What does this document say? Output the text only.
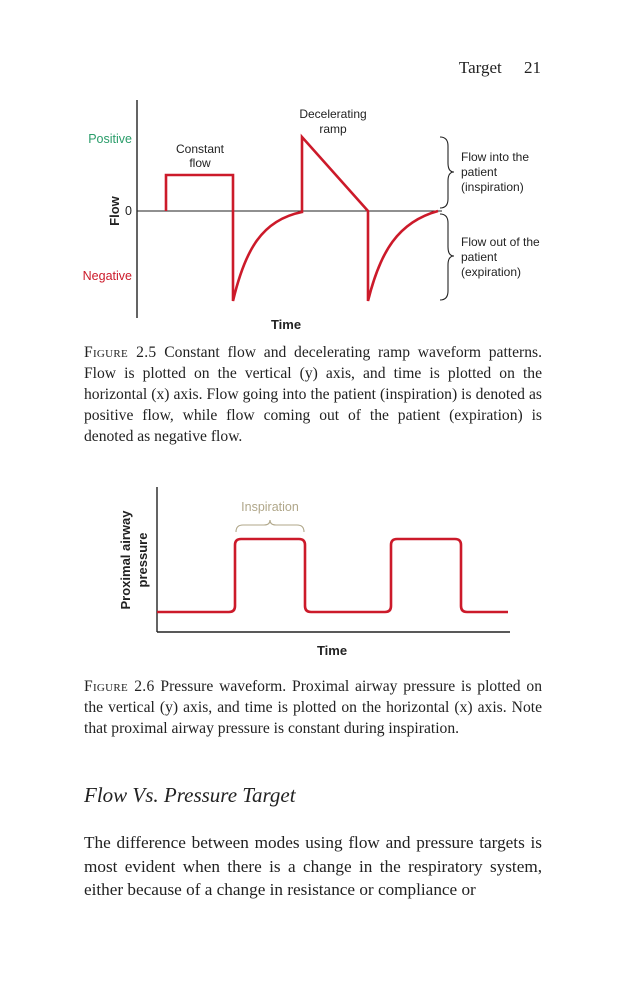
Target 21
Positive
0
Negative
Flow
Time
Constant
flow
Decelerating
ramp
Flow into the
patient
(inspiration)
Flow out of the
patient
(expiration)

Figure 2.5 Constant flow and decelerating ramp waveform patterns. Flow is plotted on the vertical (y) axis, and time is plotted on the horizontal (x) axis. Flow going into the patient (inspiration) is denoted as positive flow, while flow coming out of the patient (expiration) is denoted as negative flow.

Proximal airway pressure
Time
Inspiration

Figure 2.6 Pressure waveform. Proximal airway pressure is plotted on the vertical (y) axis, and time is plotted on the horizontal (x) axis. Note that proximal airway pressure is constant during inspiration.

Flow Vs. Pressure Target

The difference between modes using flow and pressure targets is most evident when there is a change in the respiratory system, either because of a change in resistance or compliance or
